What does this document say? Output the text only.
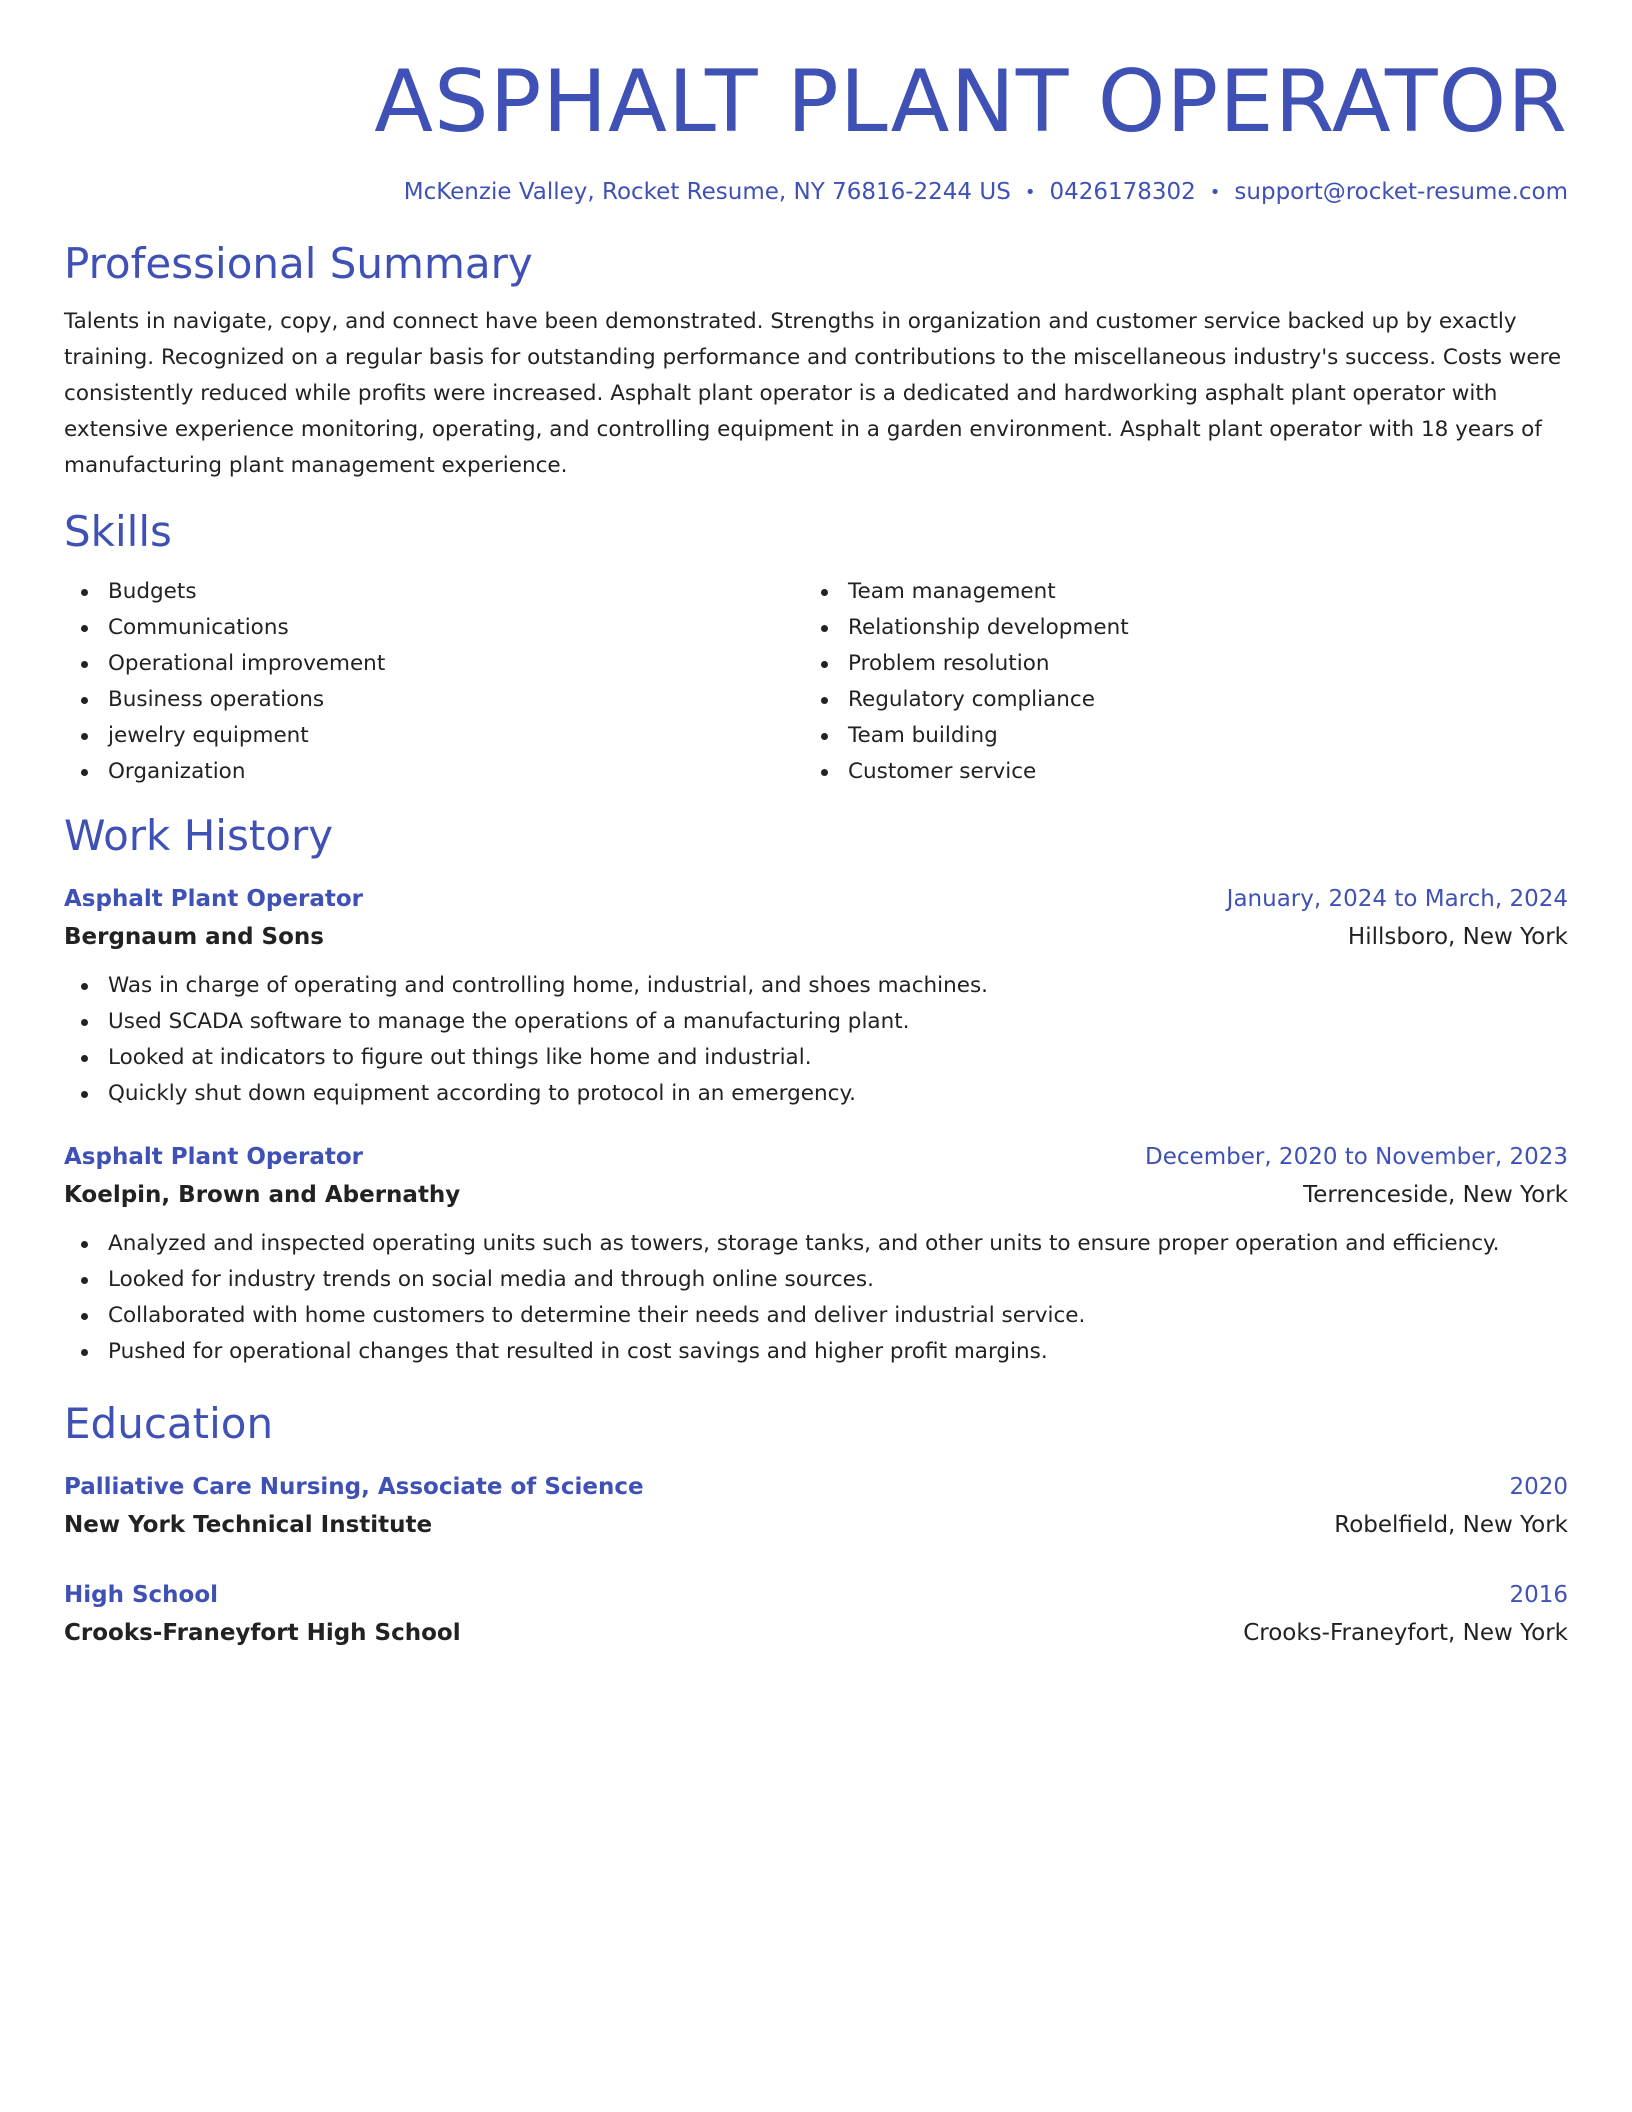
ASPHALT PLANT OPERATOR
McKenzie Valley, Rocket Resume, NY 76816-2244 US • 0426178302 • support@rocket-resume.com
Professional Summary

Talents in navigate, copy, and connect have been demonstrated. Strengths in organization and customer service backed up by exactly training. Recognized on a regular basis for outstanding performance and contributions to the miscellaneous industry's success. Costs were consistently reduced while profits were increased. Asphalt plant operator is a dedicated and hardworking asphalt plant operator with extensive experience monitoring, operating, and controlling equipment in a garden environment. Asphalt plant operator with 18 years of manufacturing plant management experience.

Skills
Budgets
Communications
Operational improvement
Business operations
jewelry equipment
Organization
Team management
Relationship development
Problem resolution
Regulatory compliance
Team building
Customer service
Work History
Asphalt Plant Operator	January, 2024 to March, 2024
Bergnaum and Sons	Hillsboro, New York
Was in charge of operating and controlling home, industrial, and shoes machines.
Used SCADA software to manage the operations of a manufacturing plant.
Looked at indicators to figure out things like home and industrial.
Quickly shut down equipment according to protocol in an emergency.
Asphalt Plant Operator	December, 2020 to November, 2023
Koelpin, Brown and Abernathy	Terrenceside, New York
Analyzed and inspected operating units such as towers, storage tanks, and other units to ensure proper operation and efficiency.
Looked for industry trends on social media and through online sources.
Collaborated with home customers to determine their needs and deliver industrial service.
Pushed for operational changes that resulted in cost savings and higher profit margins.
Education
Palliative Care Nursing, Associate of Science	2020
New York Technical Institute	Robelfield, New York
High School	2016
Crooks-Franeyfort High School	Crooks-Franeyfort, New York
